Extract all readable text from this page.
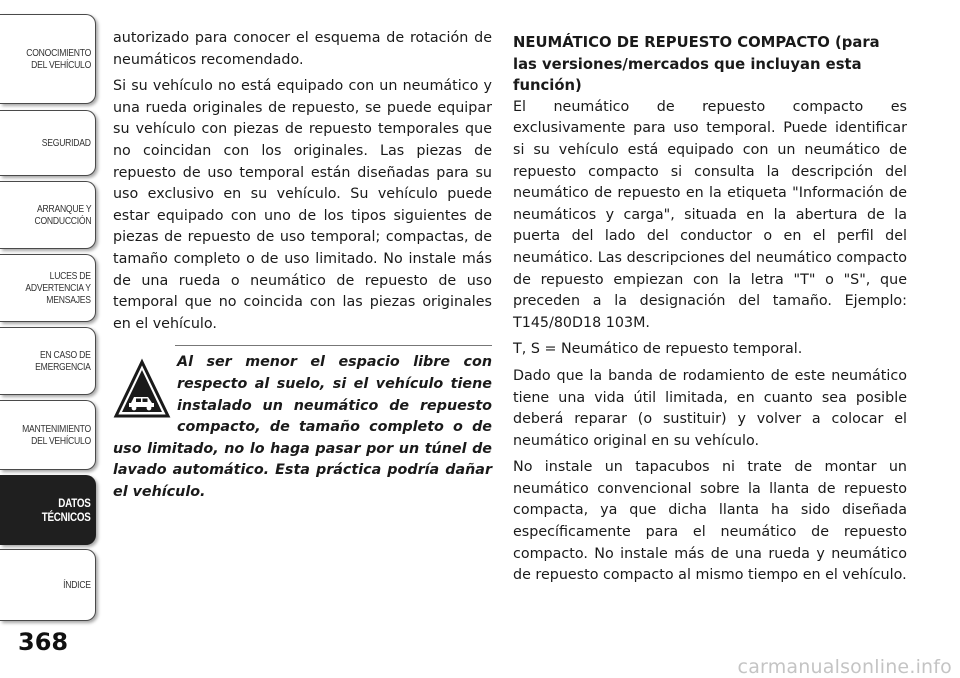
CONOCIMIENTO
DEL VEHÍCULO
SEGURIDAD
ARRANQUE Y
CONDUCCIÓN
LUCES DE
ADVERTENCIA Y
MENSAJES
EN CASO DE
EMERGENCIA
MANTENIMIENTO
DEL VEHÍCULO
DATOS
TÉCNICOS
ÍNDICE
368

autorizado para conocer el esquema de rotación de neumáticos recomendado.

Si su vehículo no está equipado con un neumático y una rueda originales de repuesto, se puede equipar su vehículo con piezas de repuesto temporales que no coincidan con los originales. Las piezas de repuesto de uso temporal están diseñadas para su uso exclusivo en su vehículo. Su vehículo puede estar equipado con uno de los tipos siguientes de piezas de repuesto de uso temporal; compactas, de tamaño completo o de uso limitado. No instale más de una rueda o neumático de repuesto de uso temporal que no coincida con las piezas originales en el vehículo.

Al ser menor el espacio libre con respecto al suelo, si el vehículo tiene instalado un neumático de repuesto compacto, de tamaño completo o de uso limitado, no lo haga pasar por un túnel de lavado automático. Esta práctica podría dañar el vehículo.

NEUMÁTICO DE REPUESTO COMPACTO (para las versiones/mercados que incluyan esta función)

El neumático de repuesto compacto es exclusivamente para uso temporal. Puede identificar si su vehículo está equipado con un neumático de repuesto compacto si consulta la descripción del neumático de repuesto en la etiqueta "Información de neumáticos y carga", situada en la abertura de la puerta del lado del conductor o en el perfil del neumático. Las descripciones del neumático compacto de repuesto empiezan con la letra "T" o "S", que preceden a la designación del tamaño. Ejemplo: T145/80D18 103M.

T, S = Neumático de repuesto temporal.

Dado que la banda de rodamiento de este neumático tiene una vida útil limitada, en cuanto sea posible deberá reparar (o sustituir) y volver a colocar el neumático original en su vehículo.

No instale un tapacubos ni trate de montar un neumático convencional sobre la llanta de repuesto compacta, ya que dicha llanta ha sido diseñada específicamente para el neumático de repuesto compacto. No instale más de una rueda y neumático de repuesto compacto al mismo tiempo en el vehículo.

carmanualsonline.info
